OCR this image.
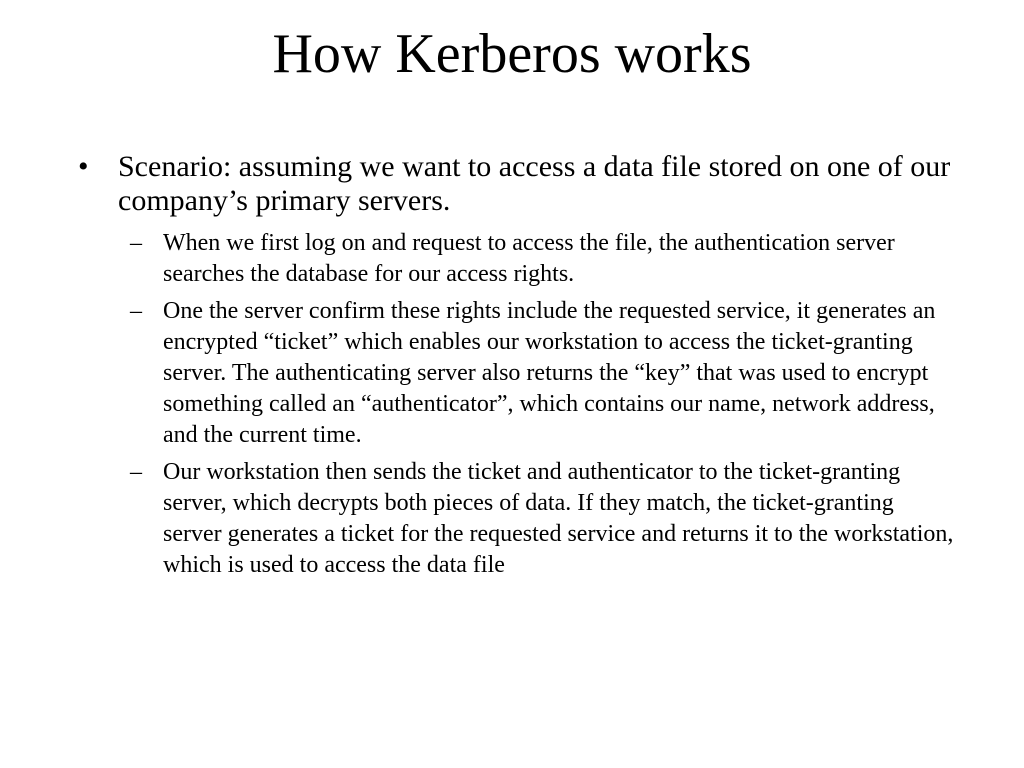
How Kerberos works
• Scenario: assuming we want to access a data file stored on one of our company’s primary servers.
– When we first log on and request to access the file, the authentication server searches the database for our access rights.
– One the server confirm these rights include the requested service, it generates an encrypted “ticket” which enables our workstation to access the ticket-granting server. The authenticating server also returns the “key” that was used to encrypt something called an “authenticator”, which contains our name, network address, and the current time.
– Our workstation then sends the ticket and authenticator to the ticket-granting server, which decrypts both pieces of data. If they match, the ticket-granting server generates a ticket for the requested service and returns it to the workstation, which is used to access the data file
